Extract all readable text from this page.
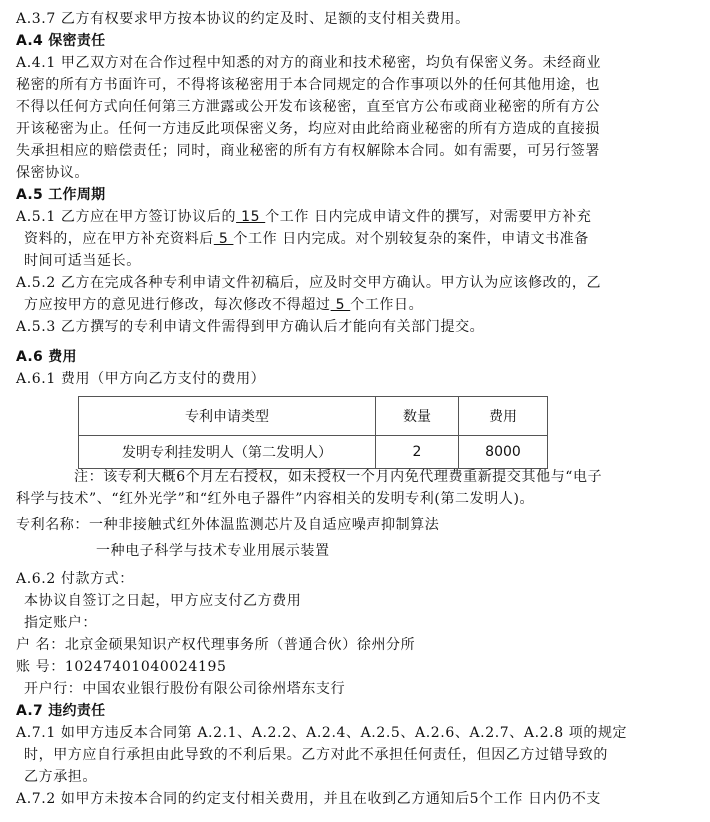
A.3.7 乙方有权要求甲方按本协议的约定及时、足额的支付相关费用。
A.4 保密责任
A.4.1 甲乙双方对在合作过程中知悉的对方的商业和技术秘密，均负有保密义务。未经商业
秘密的所有方书面许可，不得将该秘密用于本合同规定的合作事项以外的任何其他用途，也
不得以任何方式向任何第三方泄露或公开发布该秘密，直至官方公布或商业秘密的所有方公
开该秘密为止。任何一方违反此项保密义务，均应对由此给商业秘密的所有方造成的直接损
失承担相应的赔偿责任；同时，商业秘密的所有方有权解除本合同。如有需要，可另行签署
保密协议。
A.5 工作周期
A.5.1 乙方应在甲方签订协议后的 15 个工作 日内完成申请文件的撰写，对需要甲方补充
资料的，应在甲方补充资料后 5 个工作 日内完成。对个别较复杂的案件，申请文书准备
时间可适当延长。
A.5.2 乙方在完成各种专利申请文件初稿后，应及时交甲方确认。甲方认为应该修改的，乙
方应按甲方的意见进行修改，每次修改不得超过 5 个工作日。
A.5.3 乙方撰写的专利申请文件需得到甲方确认后才能向有关部门提交。
A.6 费用
A.6.1 费用（甲方向乙方支付的费用）
专利申请类型	数量	费用
发明专利挂发明人（第二发明人）	2	8000
注：该专利大概6个月左右授权，如未授权一个月内免代理费重新提交其他与“电子
科学与技术”、“红外光学”和“红外电子器件”内容相关的发明专利(第二发明人)。
专利名称：一种非接触式红外体温监测芯片及自适应噪声抑制算法
一种电子科学与技术专业用展示装置
A.6.2 付款方式：
本协议自签订之日起，甲方应支付乙方费用
指定账户：
户 名：北京金硕果知识产权代理事务所（普通合伙）徐州分所
账 号：10247401040024195
开户行：中国农业银行股份有限公司徐州塔东支行
A.7 违约责任
A.7.1 如甲方违反本合同第 A.2.1、A.2.2、A.2.4、A.2.5、A.2.6、A.2.7、A.2.8 项的规定
时，甲方应自行承担由此导致的不利后果。乙方对此不承担任何责任，但因乙方过错导致的
乙方承担。
A.7.2 如甲方未按本合同的约定支付相关费用，并且在收到乙方通知后5个工作 日内仍不支
